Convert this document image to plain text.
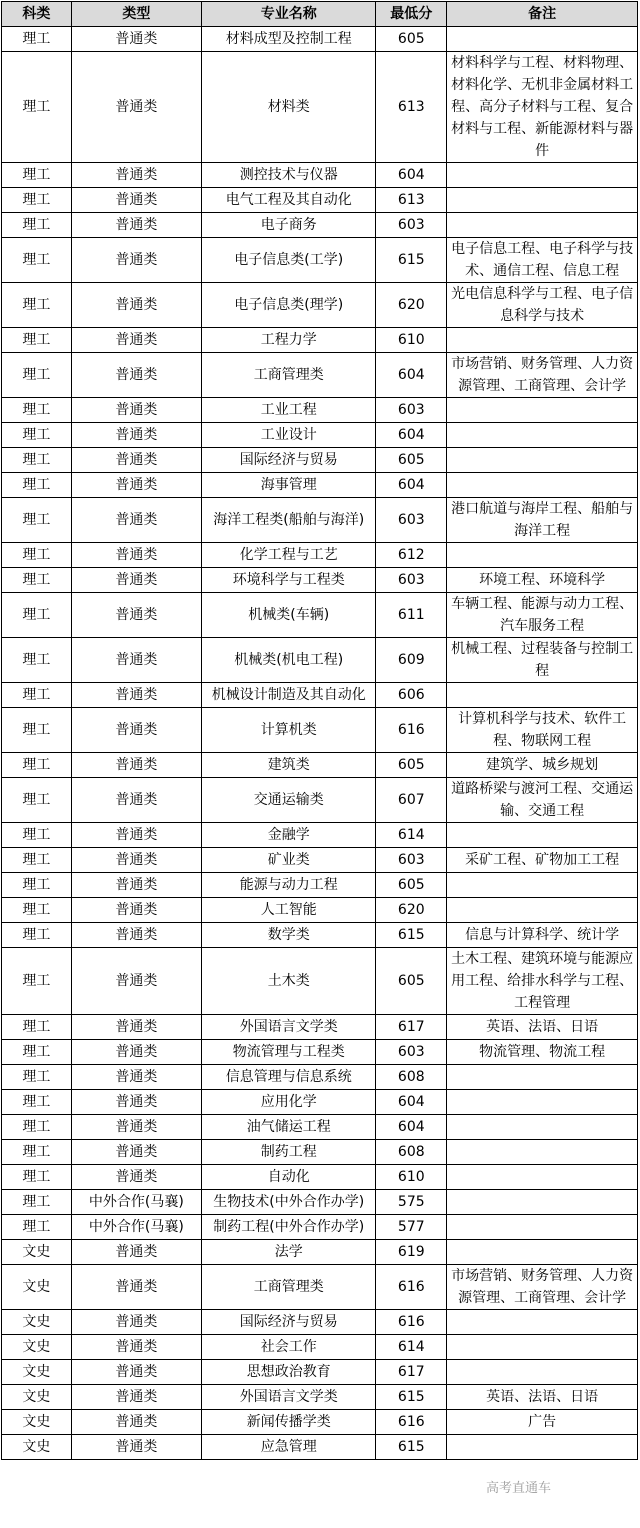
科类	类型	专业名称	最低分	备注
理工	普通类	材料成型及控制工程	605	
理工	普通类	材料类	613	材料科学与工程、材料物理、材料化学、无机非金属材料工程、高分子材料与工程、复合材料与工程、新能源材料与器件
理工	普通类	测控技术与仪器	604	
理工	普通类	电气工程及其自动化	613	
理工	普通类	电子商务	603	
理工	普通类	电子信息类(工学)	615	电子信息工程、电子科学与技术、通信工程、信息工程
理工	普通类	电子信息类(理学)	620	光电信息科学与工程、电子信息科学与技术
理工	普通类	工程力学	610	
理工	普通类	工商管理类	604	市场营销、财务管理、人力资源管理、工商管理、会计学
理工	普通类	工业工程	603	
理工	普通类	工业设计	604	
理工	普通类	国际经济与贸易	605	
理工	普通类	海事管理	604	
理工	普通类	海洋工程类(船舶与海洋)	603	港口航道与海岸工程、船舶与海洋工程
理工	普通类	化学工程与工艺	612	
理工	普通类	环境科学与工程类	603	环境工程、环境科学
理工	普通类	机械类(车辆)	611	车辆工程、能源与动力工程、汽车服务工程
理工	普通类	机械类(机电工程)	609	机械工程、过程装备与控制工程
理工	普通类	机械设计制造及其自动化	606	
理工	普通类	计算机类	616	计算机科学与技术、软件工程、物联网工程
理工	普通类	建筑类	605	建筑学、城乡规划
理工	普通类	交通运输类	607	道路桥梁与渡河工程、交通运输、交通工程
理工	普通类	金融学	614	
理工	普通类	矿业类	603	采矿工程、矿物加工工程
理工	普通类	能源与动力工程	605	
理工	普通类	人工智能	620	
理工	普通类	数学类	615	信息与计算科学、统计学
理工	普通类	土木类	605	土木工程、建筑环境与能源应用工程、给排水科学与工程、工程管理
理工	普通类	外国语言文学类	617	英语、法语、日语
理工	普通类	物流管理与工程类	603	物流管理、物流工程
理工	普通类	信息管理与信息系统	608	
理工	普通类	应用化学	604	
理工	普通类	油气储运工程	604	
理工	普通类	制药工程	608	
理工	普通类	自动化	610	
理工	中外合作(马襄)	生物技术(中外合作办学)	575	
理工	中外合作(马襄)	制药工程(中外合作办学)	577	
文史	普通类	法学	619	
文史	普通类	工商管理类	616	市场营销、财务管理、人力资源管理、工商管理、会计学
文史	普通类	国际经济与贸易	616	
文史	普通类	社会工作	614	
文史	普通类	思想政治教育	617	
文史	普通类	外国语言文学类	615	英语、法语、日语
文史	普通类	新闻传播学类	616	广告
文史	普通类	应急管理	615	
高考直通车
